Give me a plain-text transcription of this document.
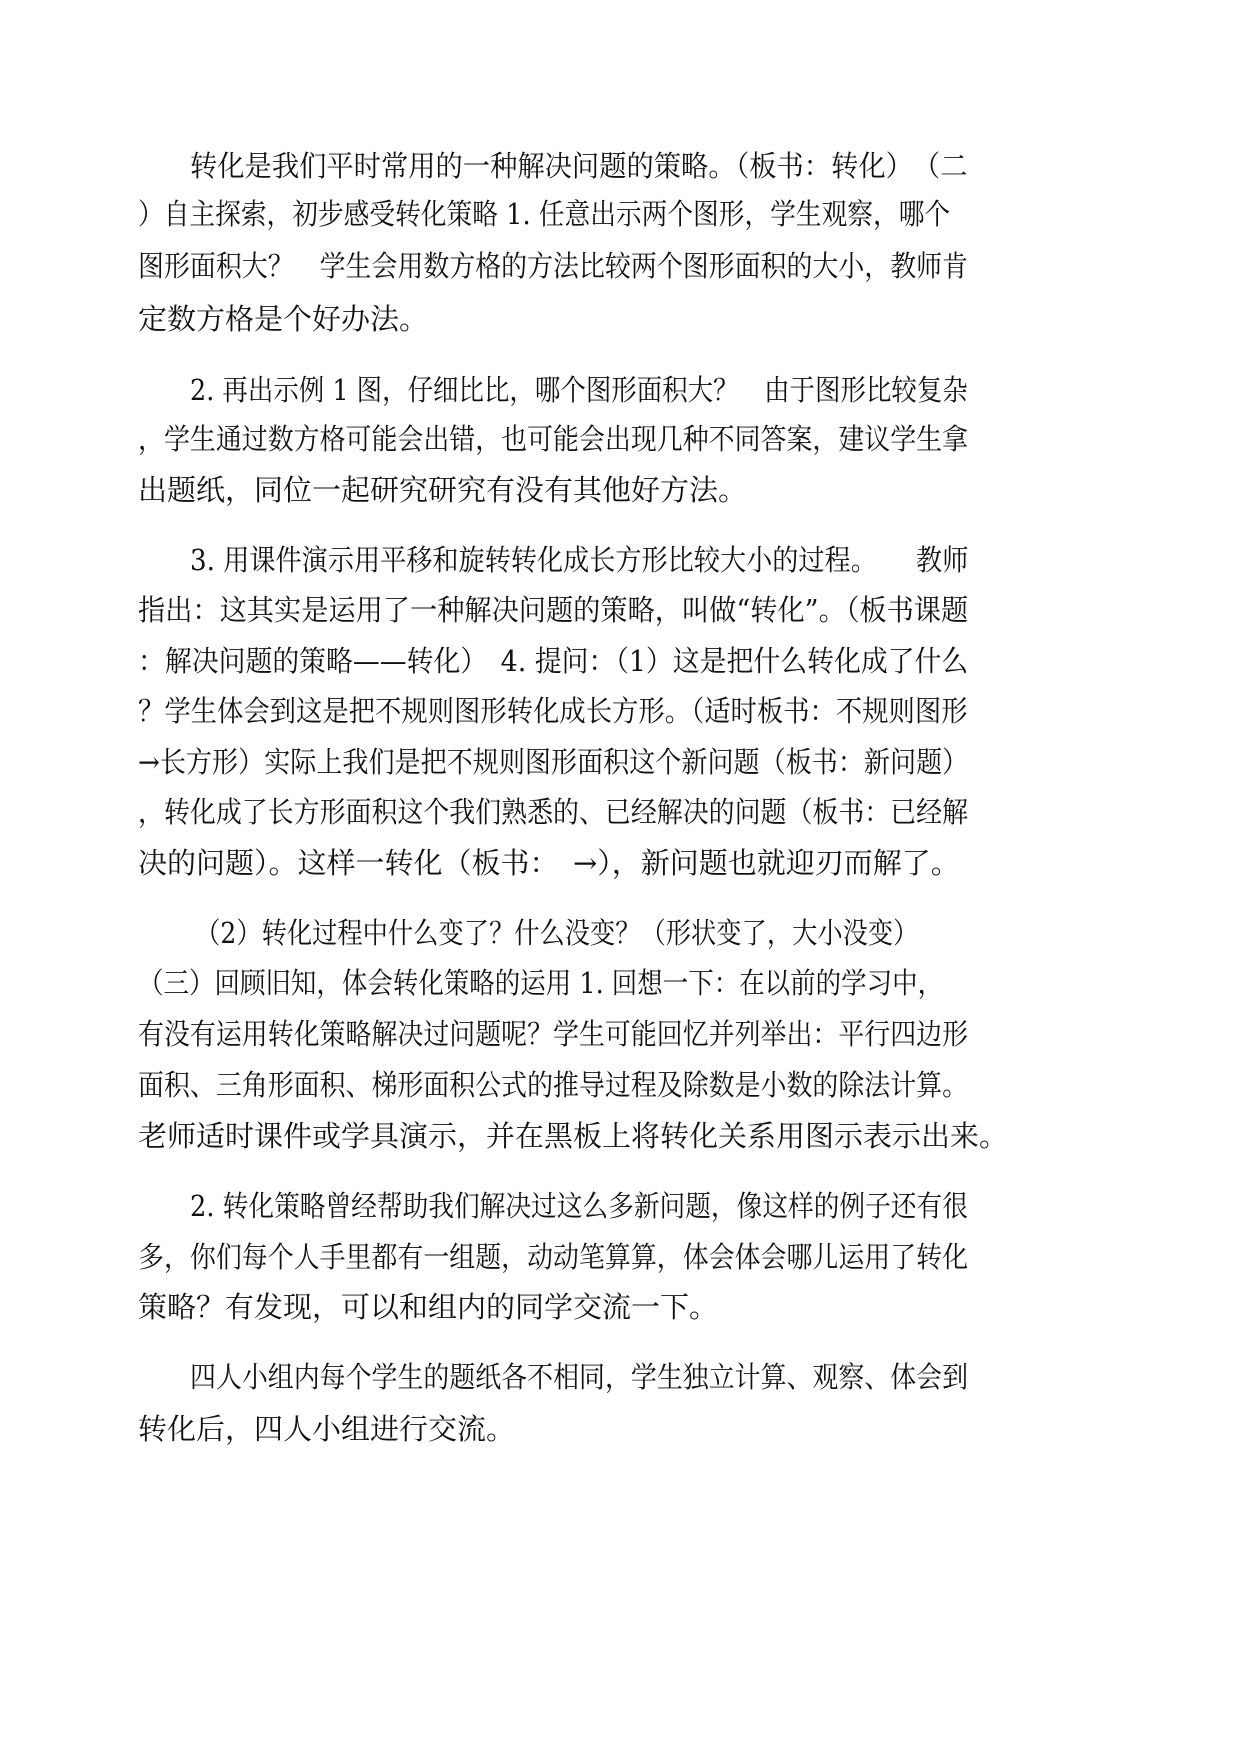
转化是我们平时常用的一种解决问题的策略。（板书：转化）　（二
）自主探索，初步感受转化策略 1. 任意出示两个图形，学生观察，哪个
图形面积大？　学生会用数方格的方法比较两个图形面积的大小，教师肯
定数方格是个好办法。
2. 再出示例 1 图，仔细比比，哪个图形面积大？　由于图形比较复杂
，学生通过数方格可能会出错，也可能会出现几种不同答案，建议学生拿
出题纸，同位一起研究研究有没有其他好方法。
3. 用课件演示用平移和旋转转化成长方形比较大小的过程。　　教师
指出：这其实是运用了一种解决问题的策略，叫做“转化”。（板书课题
：解决问题的策略——转化）　4. 提问：（1）这是把什么转化成了什么
？学生体会到这是把不规则图形转化成长方形。（适时板书：不规则图形
→长方形）实际上我们是把不规则图形面积这个新问题（板书：新问题）
，转化成了长方形面积这个我们熟悉的、已经解决的问题（板书：已经解
决的问题）。这样一转化（板书：　→），新问题也就迎刃而解了。
（2）转化过程中什么变了？什么没变？（形状变了，大小没变）
（三）回顾旧知，体会转化策略的运用 1. 回想一下：在以前的学习中，
有没有运用转化策略解决过问题呢？学生可能回忆并列举出：平行四边形
面积、三角形面积、梯形面积公式的推导过程及除数是小数的除法计算。
老师适时课件或学具演示，并在黑板上将转化关系用图示表示出来。
2. 转化策略曾经帮助我们解决过这么多新问题，像这样的例子还有很
多，你们每个人手里都有一组题，动动笔算算，体会体会哪儿运用了转化
策略？有发现，可以和组内的同学交流一下。
四人小组内每个学生的题纸各不相同，学生独立计算、观察、体会到
转化后，四人小组进行交流。
